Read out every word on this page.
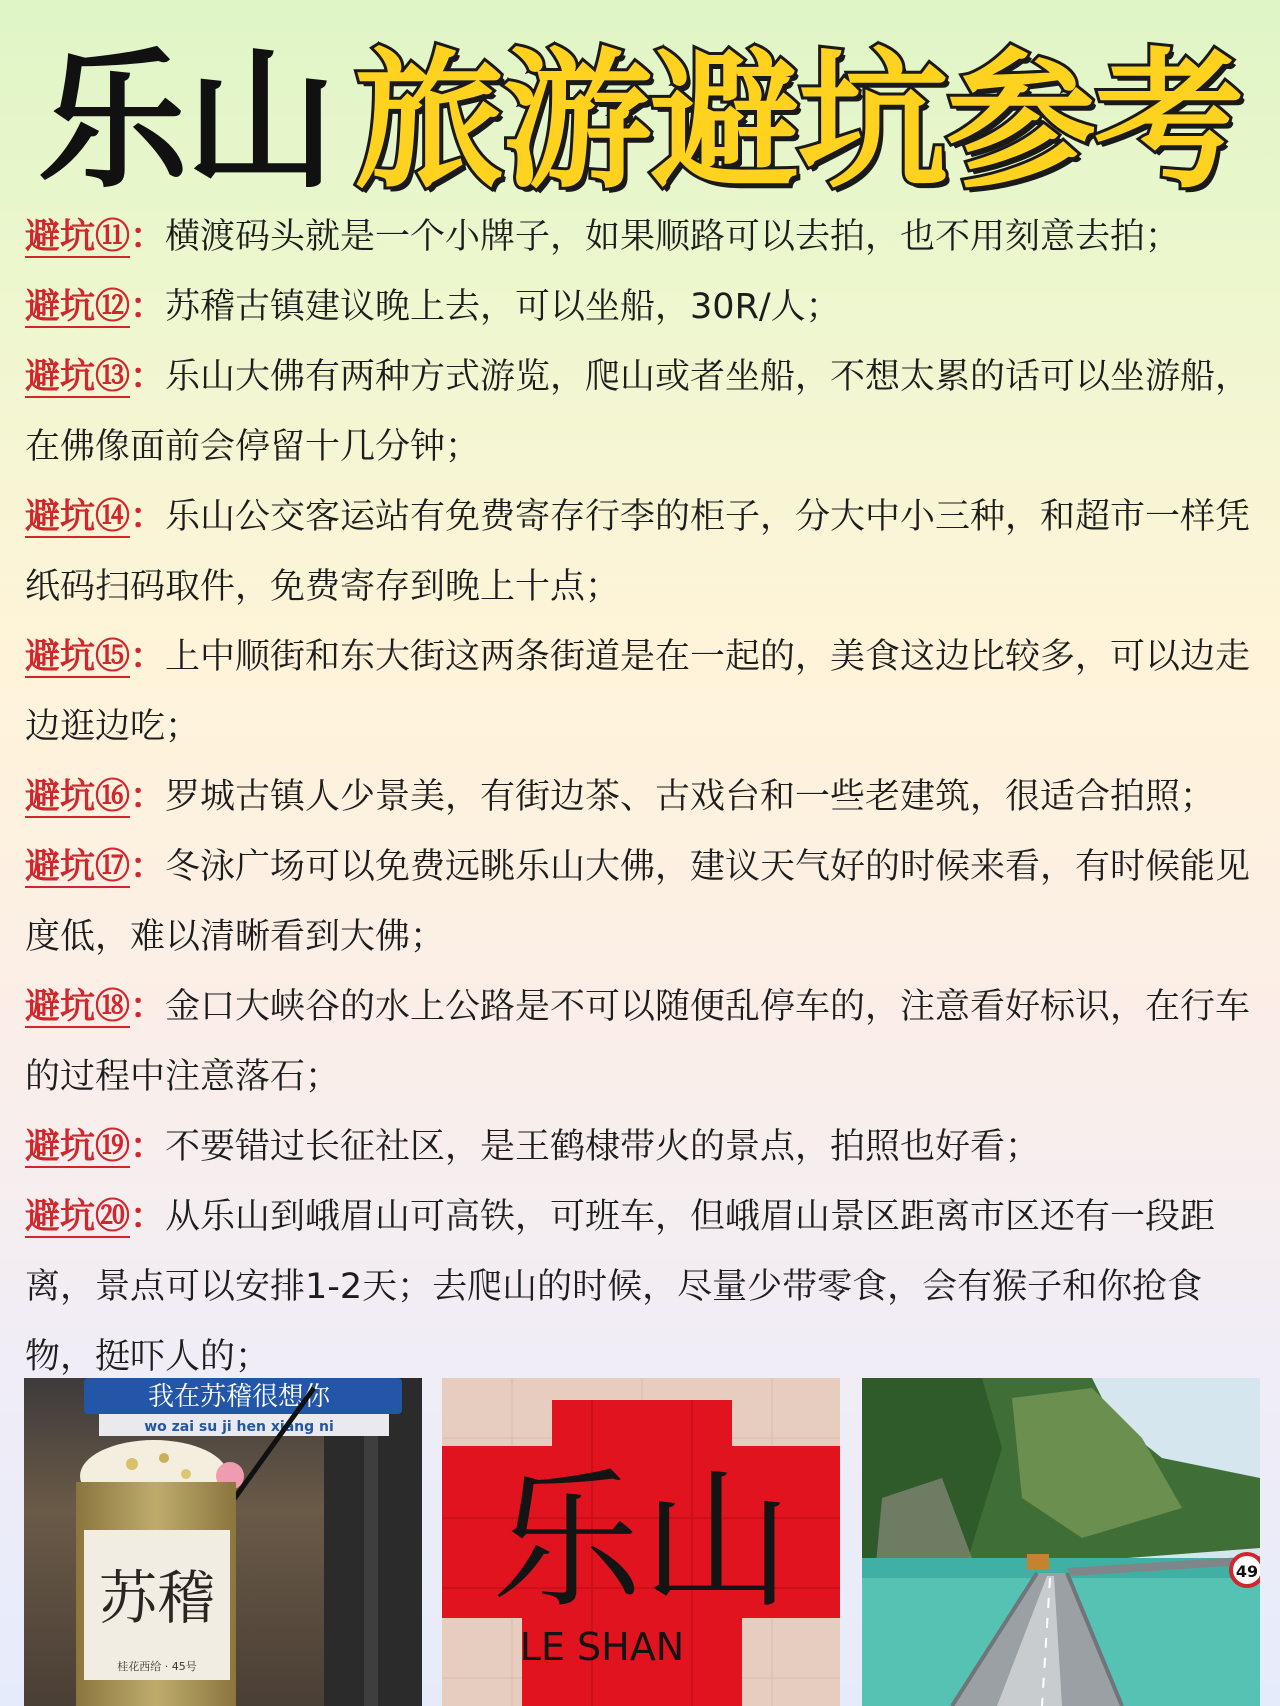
乐山 旅游避坑参考

避坑⑪：横渡码头就是一个小牌子，如果顺路可以去拍，也不用刻意去拍；

避坑⑫：苏稽古镇建议晚上去，可以坐船，30R/人；

避坑⑬：乐山大佛有两种方式游览，爬山或者坐船，不想太累的话可以坐游船，在佛像面前会停留十几分钟；

避坑⑭：乐山公交客运站有免费寄存行李的柜子，分大中小三种，和超市一样凭纸码扫码取件，免费寄存到晚上十点；

避坑⑮：上中顺街和东大街这两条街道是在一起的，美食这边比较多，可以边走边逛边吃；

避坑⑯：罗城古镇人少景美，有街边茶、古戏台和一些老建筑，很适合拍照；

避坑⑰：冬泳广场可以免费远眺乐山大佛，建议天气好的时候来看，有时候能见度低，难以清晰看到大佛；

避坑⑱：金口大峡谷的水上公路是不可以随便乱停车的，注意看好标识，在行车的过程中注意落石；

避坑⑲：不要错过长征社区，是王鹤棣带火的景点，拍照也好看；

避坑⑳：从乐山到峨眉山可高铁，可班车，但峨眉山景区距离市区还有一段距离，景点可以安排1-2天；去爬山的时候，尽量少带零食，会有猴子和你抢食物，挺吓人的；

我在苏稽很想你
wo zai su ji hen xiang ni
苏稽
桂花西给 · 45号
乐山
LE SHAN
49
